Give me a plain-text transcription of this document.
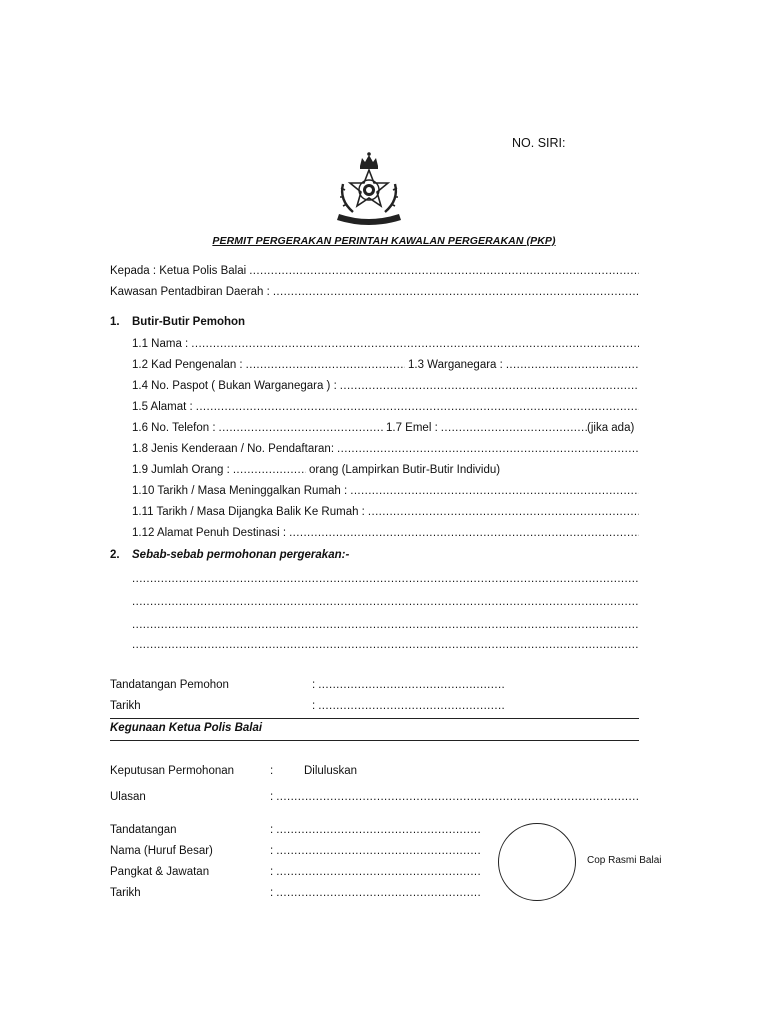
NO. SIRI:
PERMIT PERGERAKAN PERINTAH KAWALAN PERGERAKAN (PKP)
Kepada : Ketua Polis Balai
.....
Kawasan Pentadbiran Daerah :
.....
1.	Butir-Butir Pemohon
1.1 Nama :
.....
1.2 Kad Pengenalan : .....	1.3 Warganegara :
.....
1.4 No. Paspot ( Bukan Warganegara ) :
.....
1.5 Alamat :
.....
1.6 No. Telefon : .....	1.7 Emel : .....	(jika ada)
1.8 Jenis Kenderaan / No. Pendaftaran:
.....
1.9 Jumlah Orang : .....	orang (Lampirkan Butir-Butir Individu)
1.10 Tarikh / Masa Meninggalkan Rumah :
.....
1.11 Tarikh / Masa Dijangka Balik Ke Rumah :
.....
1.12 Alamat Penuh Destinasi :
.....
2.	Sebab-sebab permohonan pergerakan:-
.....
.....
.....
.....
Tandatangan Pemohon	:
.....
Tarikh	:
.....
Kegunaan Ketua Polis Balai
Keputusan Permohonan	:	Diluluskan
Ulasan	:
.....
Tandatangan	:
.....
Nama (Huruf Besar)	:
.....
Pangkat & Jawatan	:
.....
Tarikh	:
.....
Cop Rasmi Balai
